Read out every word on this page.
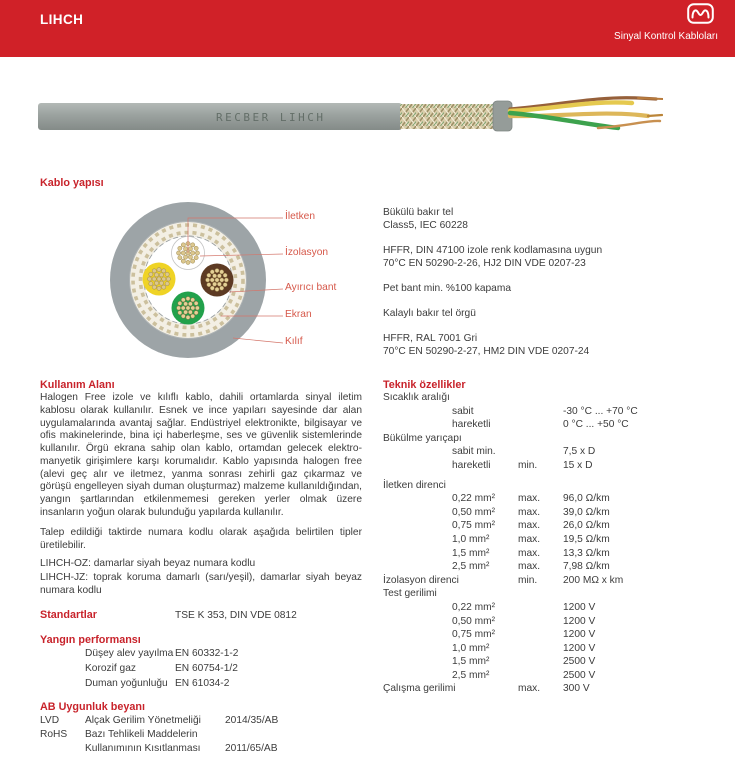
LIHCH
Sinyal Kontrol Kabloları
RECBER LIHCH
Kablo yapısı
İletken
İzolasyon
Ayırıcı bant
Ekran
Kılıf
Bükülü bakır tel
Class5, IEC 60228
HFFR, DIN 47100 izole renk kodlamasına uygun
70°C EN 50290-2-26, HJ2 DIN VDE 0207-23
Pet bant min. %100 kapama
Kalaylı bakır tel örgü
HFFR, RAL 7001 Gri
70°C EN 50290-2-27, HM2 DIN VDE 0207-24
Kullanım Alanı
Halogen Free izole ve kılıflı kablo, dahili ortamlarda sinyal iletim kablosu olarak kullanılır. Esnek ve ince yapıları sayesinde dar alan uygulamalarında avantaj sağlar. Endüstriyel elektronikte, bilgisayar ve ofis makinelerinde, bina içi haberleşme, ses ve güvenlik sistemlerinde kullanılır. Örgü ekrana sahip olan kablo, ortamdan gelecek elektromanyetik girişimlere karşı korumalıdır. Kablo yapısında halogen free (alevi geç alır ve iletmez, yanma sonrası zehirli gaz çıkarmaz ve görüşü engelleyen siyah duman oluşturmaz) malzeme kullanıldığından, yangın şartlarından etkilenmemesi gereken yerler olmak üzere insanların yoğun olarak bulunduğu yapılarda kullanılır.
Talep edildiği taktirde numara kodlu olarak aşağıda belirtilen tipler üretilebilir.
LIHCH-OZ: damarlar siyah beyaz numara kodlu
LIHCH-JZ: toprak koruma damarlı (sarı/yeşil), damarlar siyah beyaz numara kodlu
Standartlar	TSE K 353, DIN VDE 0812
Yangın performansı
Düşey alev yayılma EN 60332-1-2
Korozif gaz	EN 60754-1/2
Duman yoğunluğu EN 61034-2
AB Uygunluk beyanı
LVD	Alçak Gerilim Yönetmeliği	2014/35/AB
RoHS	Bazı Tehlikeli Maddelerin
Kullanımının Kısıtlanması	2011/65/AB
Teknik özellikler
Sıcaklık aralığı
sabit	-30 °C ... +70 °C
hareketli	0 °C ... +50 °C
Bükülme yarıçapı
sabit min.	7,5 x D
hareketli	min.	15 x D
İletken direnci
0,22 mm²	max.	96,0 Ω/km
0,50 mm²	max.	39,0 Ω/km
0,75 mm²	max.	26,0 Ω/km
1,0 mm²	max.	19,5 Ω/km
1,5 mm²	max.	13,3 Ω/km
2,5 mm²	max.	7,98 Ω/km
İzolasyon direnci	min.	200 MΩ x km
Test gerilimi
0,22 mm²	1200 V
0,50 mm²	1200 V
0,75 mm²	1200 V
1,0 mm²	1200 V
1,5 mm²	2500 V
2,5 mm²	2500 V
Çalışma gerilimi	max.	300 V
